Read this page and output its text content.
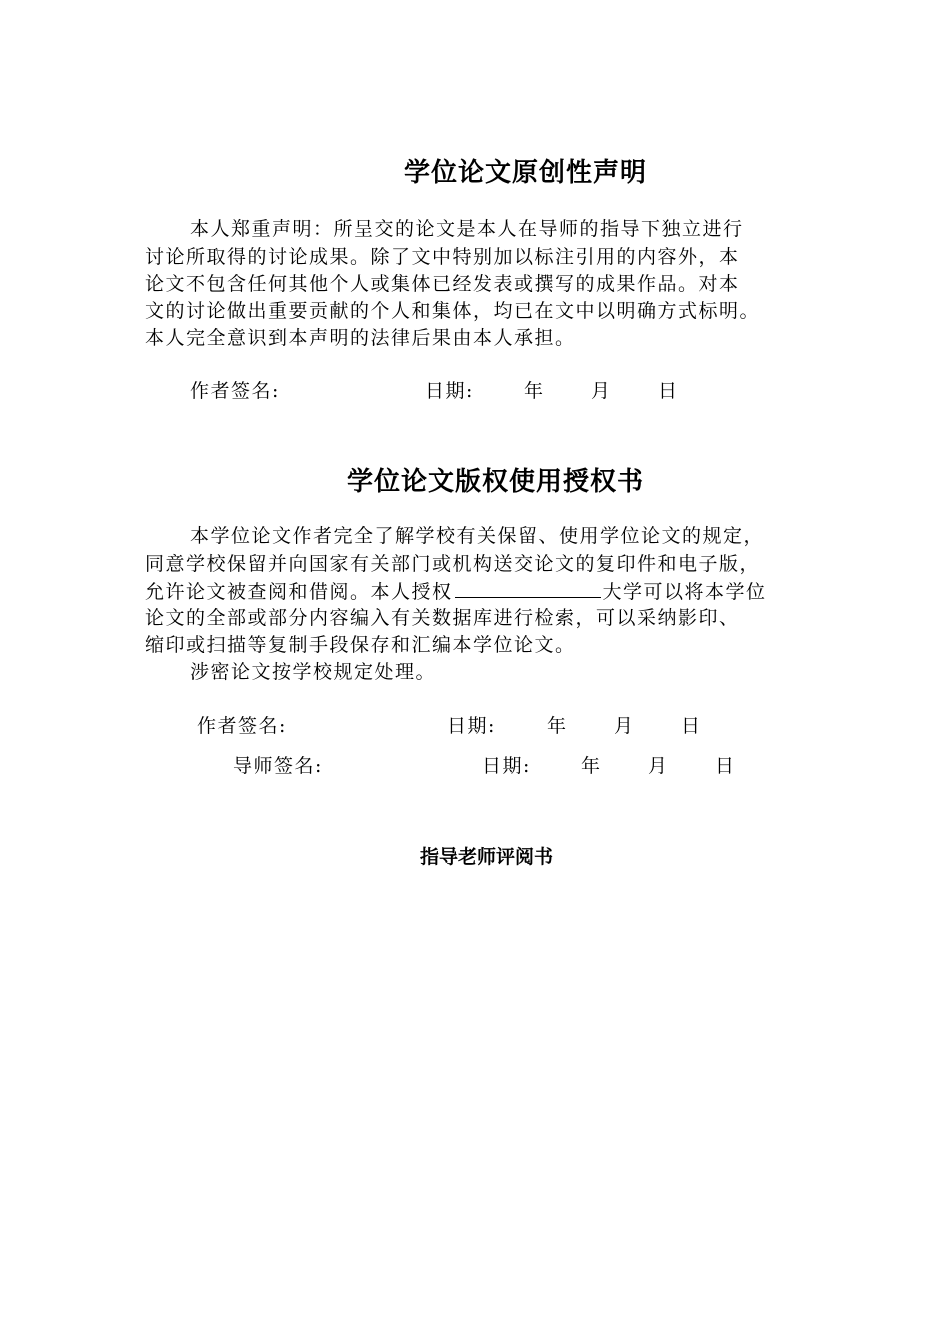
学位论文原创性声明
本人郑重声明：所呈交的论文是本人在导师的指导下独立进行
讨论所取得的讨论成果。除了文中特别加以标注引用的内容外，本
论文不包含任何其他个人或集体已经发表或撰写的成果作品。对本
文的讨论做出重要贡献的个人和集体，均已在文中以明确方式标明。
本人完全意识到本声明的法律后果由本人承担。
作者签名:	日期:	年 月 日
学位论文版权使用授权书
本学位论文作者完全了解学校有关保留、使用学位论文的规定，
同意学校保留并向国家有关部门或机构送交论文的复印件和电子版，
允许论文被查阅和借阅。本人授权	大学可以将本学位
论文的全部或部分内容编入有关数据库进行检索，可以采纳影印、
缩印或扫描等复制手段保存和汇编本学位论文。
涉密论文按学校规定处理。
作者签名:	日期:	年 月 日
导师签名:	日期:	年 月 日
指导老师评阅书
